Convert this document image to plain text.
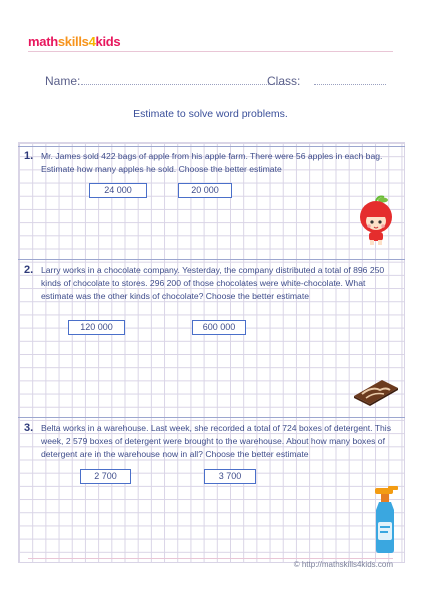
mathskills4kids
Name:	Class:
Estimate to solve word problems.
1. Mr. James sold 422 bags of apple from his apple farm. There were 56 apples in each bag. Estimate how many apples he sold. Choose the better estimate
24 000	20 000
2. Larry works in a chocolate company. Yesterday, the company distributed a total of 896 250 kinds of chocolate to stores. 296 200 of those chocolates were white-chocolate. What estimate was the other kinds of chocolate? Choose the better estimate
120 000	600 000
3. Belta works in a warehouse. Last week, she recorded a total of 724 boxes of detergent. This week, 2 579 boxes of detergent were brought to the warehouse. About how many boxes of detergent are in the warehouse now in all? Choose the better estimate
2 700	3 700
© http://mathskills4kids.com
